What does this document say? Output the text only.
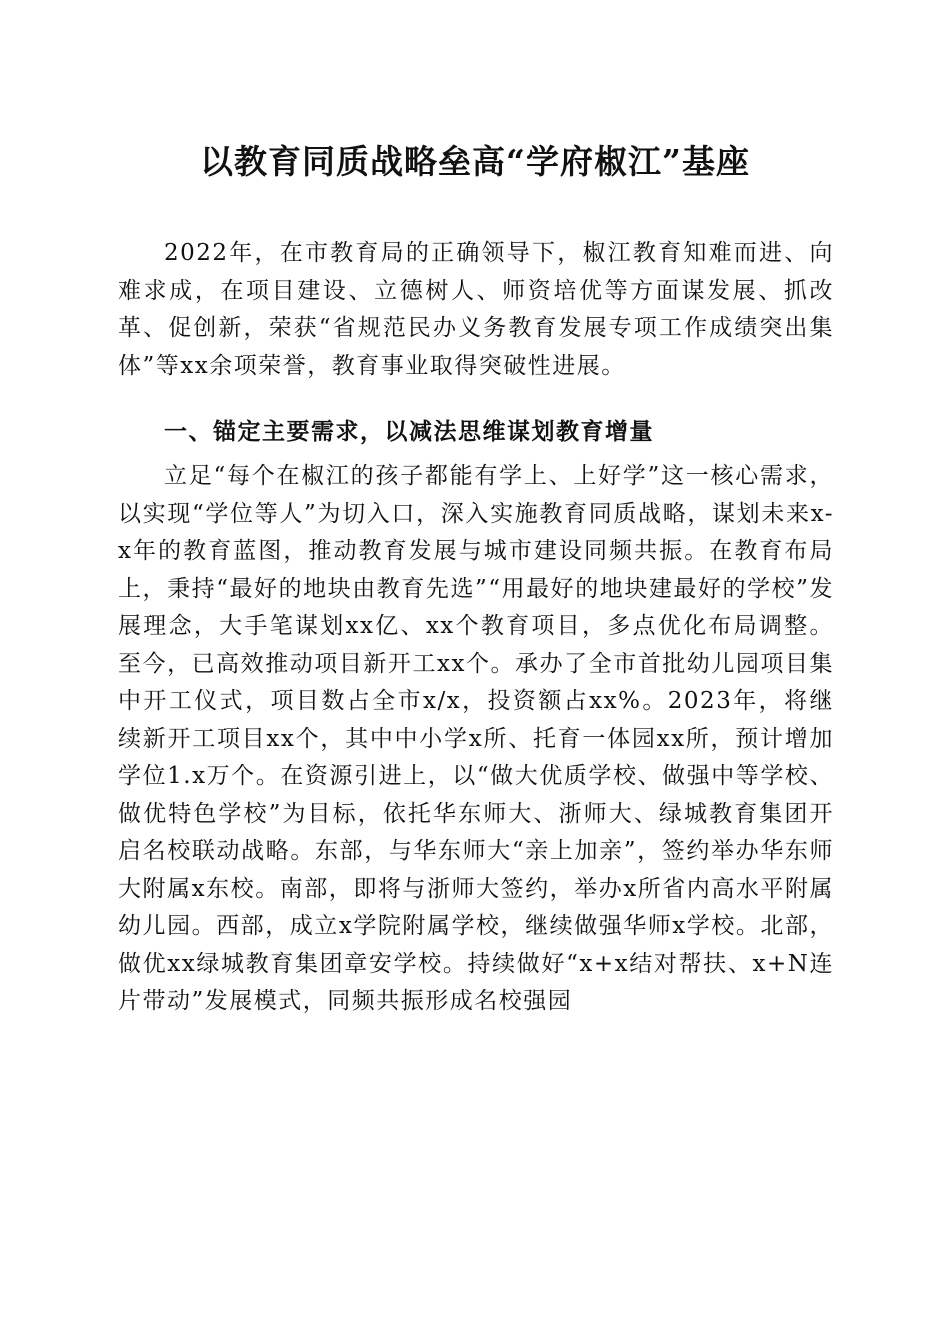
以教育同质战略垒高“学府椒江”基座

2022年，在市教育局的正确领导下，椒江教育知难而进、向难求成，在项目建设、立德树人、师资培优等方面谋发展、抓改革、促创新，荣获“省规范民办义务教育发展专项工作成绩突出集体”等xx余项荣誉，教育事业取得突破性进展。

一、锚定主要需求，以减法思维谋划教育增量

立足“每个在椒江的孩子都能有学上、上好学”这一核心需求，以实现“学位等人”为切入口，深入实施教育同质战略，谋划未来x-x年的教育蓝图，推动教育发展与城市建设同频共振。在教育布局上，秉持“最好的地块由教育先选”“用最好的地块建最好的学校”发展理念，大手笔谋划xx亿、xx个教育项目，多点优化布局调整。至今，已高效推动项目新开工xx个。承办了全市首批幼儿园项目集中开工仪式，项目数占全市x/x，投资额占xx%。2023年，将继续新开工项目xx个，其中中小学x所、托育一体园xx所，预计增加学位1.x万个。在资源引进上，以“做大优质学校、做强中等学校、做优特色学校”为目标，依托华东师大、浙师大、绿城教育集团开启名校联动战略。东部，与华东师大“亲上加亲”，签约举办华东师大附属x东校。南部，即将与浙师大签约，举办x所省内高水平附属幼儿园。西部，成立x学院附属学校，继续做强华师x学校。北部，做优xx绿城教育集团章安学校。持续做好“x+x结对帮扶、x+N连片带动”发展模式，同频共振形成名校强园
